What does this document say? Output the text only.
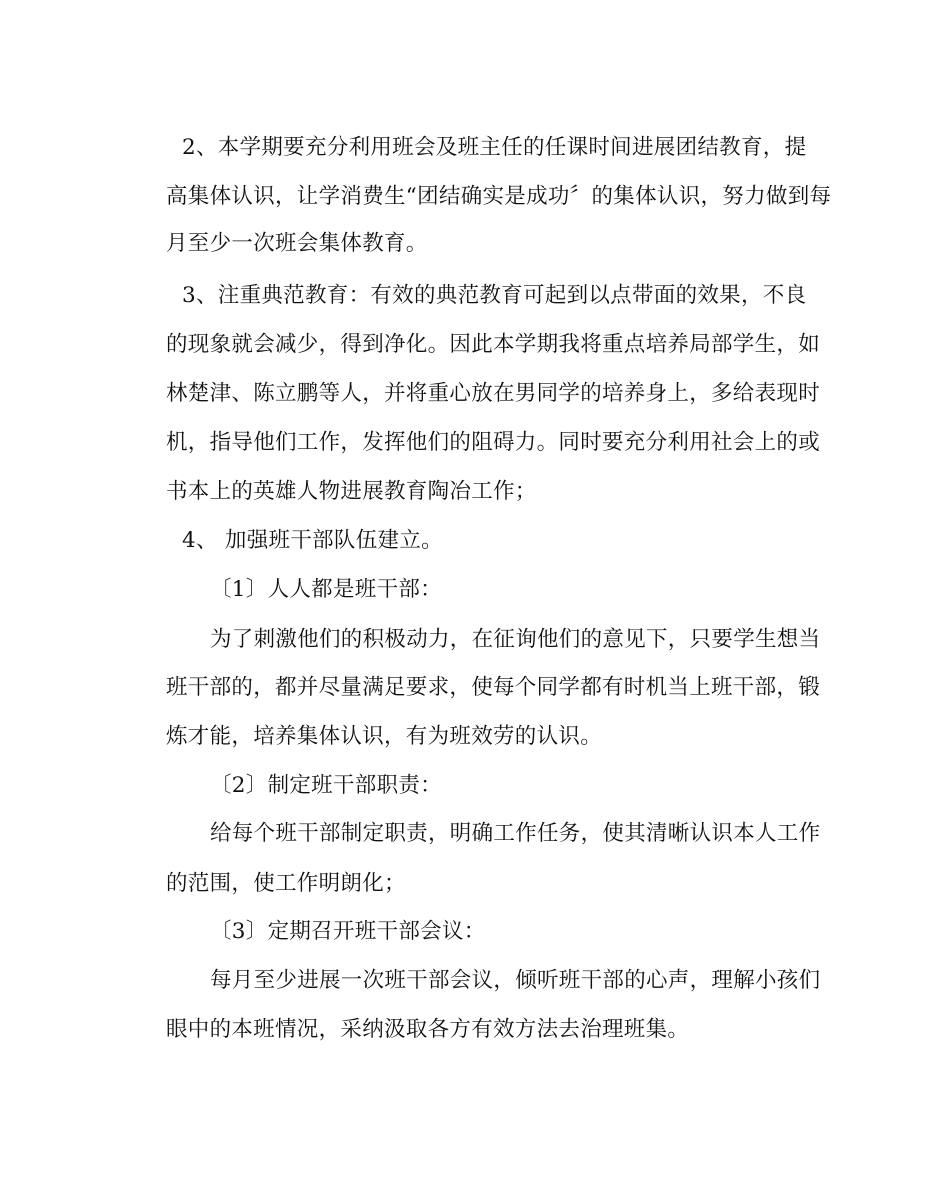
2、本学期要充分利用班会及班主任的任课时间进展团结教育，提
高集体认识，让学消费生“团结确实是成功〞的集体认识，努力做到每
月至少一次班会集体教育。
3、注重典范教育：有效的典范教育可起到以点带面的效果，不良
的现象就会减少，得到净化。因此本学期我将重点培养局部学生，如
林楚津、陈立鹏等人，并将重心放在男同学的培养身上，多给表现时
机，指导他们工作，发挥他们的阻碍力。同时要充分利用社会上的或
书本上的英雄人物进展教育陶冶工作；
4、 加强班干部队伍建立。
〔1〕人人都是班干部：
为了刺激他们的积极动力，在征询他们的意见下，只要学生想当
班干部的，都并尽量满足要求，使每个同学都有时机当上班干部，锻
炼才能，培养集体认识，有为班效劳的认识。
〔2〕制定班干部职责：
给每个班干部制定职责，明确工作任务，使其清晰认识本人工作
的范围，使工作明朗化；
〔3〕定期召开班干部会议：
每月至少进展一次班干部会议，倾听班干部的心声，理解小孩们
眼中的本班情况，采纳汲取各方有效方法去治理班集。
